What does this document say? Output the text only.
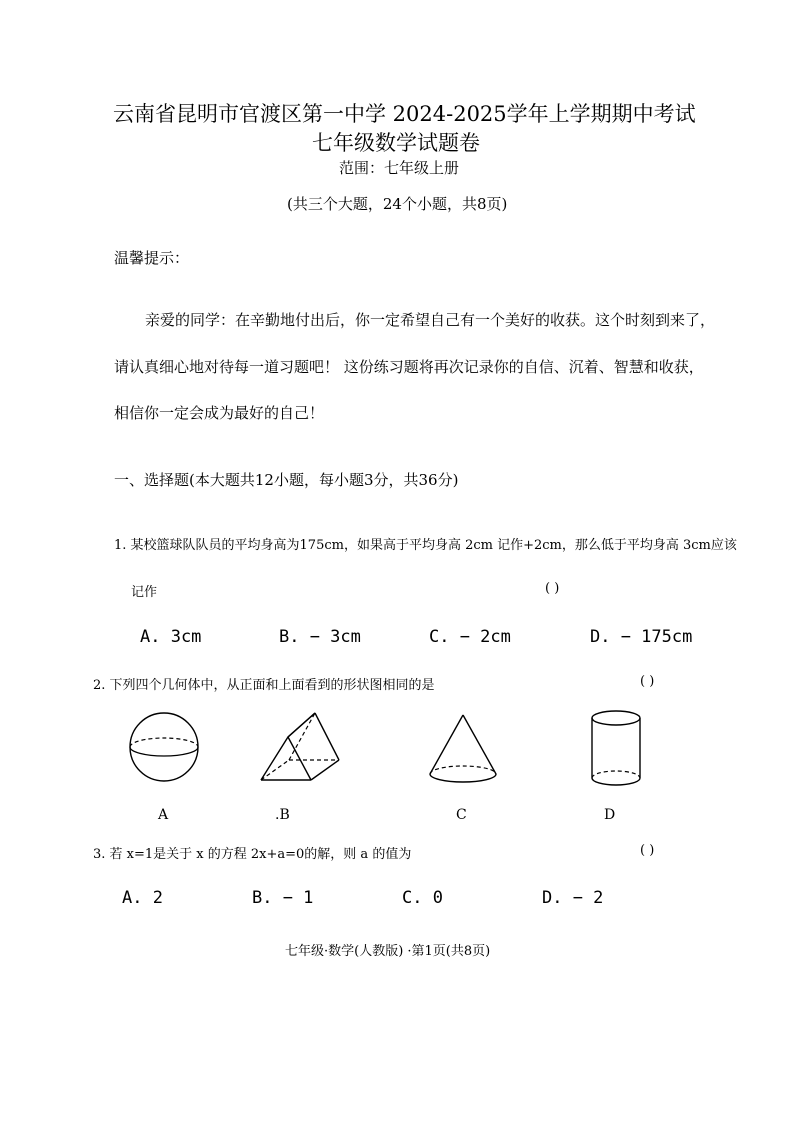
云南省昆明市官渡区第一中学 2024-2025学年上学期期中考试
七年级数学试题卷
范围：七年级上册
(共三个大题，24个小题，共8页)
温馨提示：
亲爱的同学：在辛勤地付出后，你一定希望自己有一个美好的收获。这个时刻到来了，
请认真细心地对待每一道习题吧！ 这份练习题将再次记录你的自信、沉着、智慧和收获，
相信你一定会成为最好的自己！
一、选择题(本大题共12小题，每小题3分，共36分)
1. 某校篮球队队员的平均身高为175cm，如果高于平均身高 2cm 记作+2cm，那么低于平均身高 3cm应该
记作	( )
A. 3cm	B. − 3cm	C. − 2cm	D. − 175cm
2. 下列四个几何体中，从正面和上面看到的形状图相同的是	( )
A	.B	C	D
3. 若 x=1是关于 x 的方程 2x+a=0的解，则 a 的值为	( )
A. 2	B. − 1	C. 0	D. − 2
七年级·数学(人教版) ·第1页(共8页)
